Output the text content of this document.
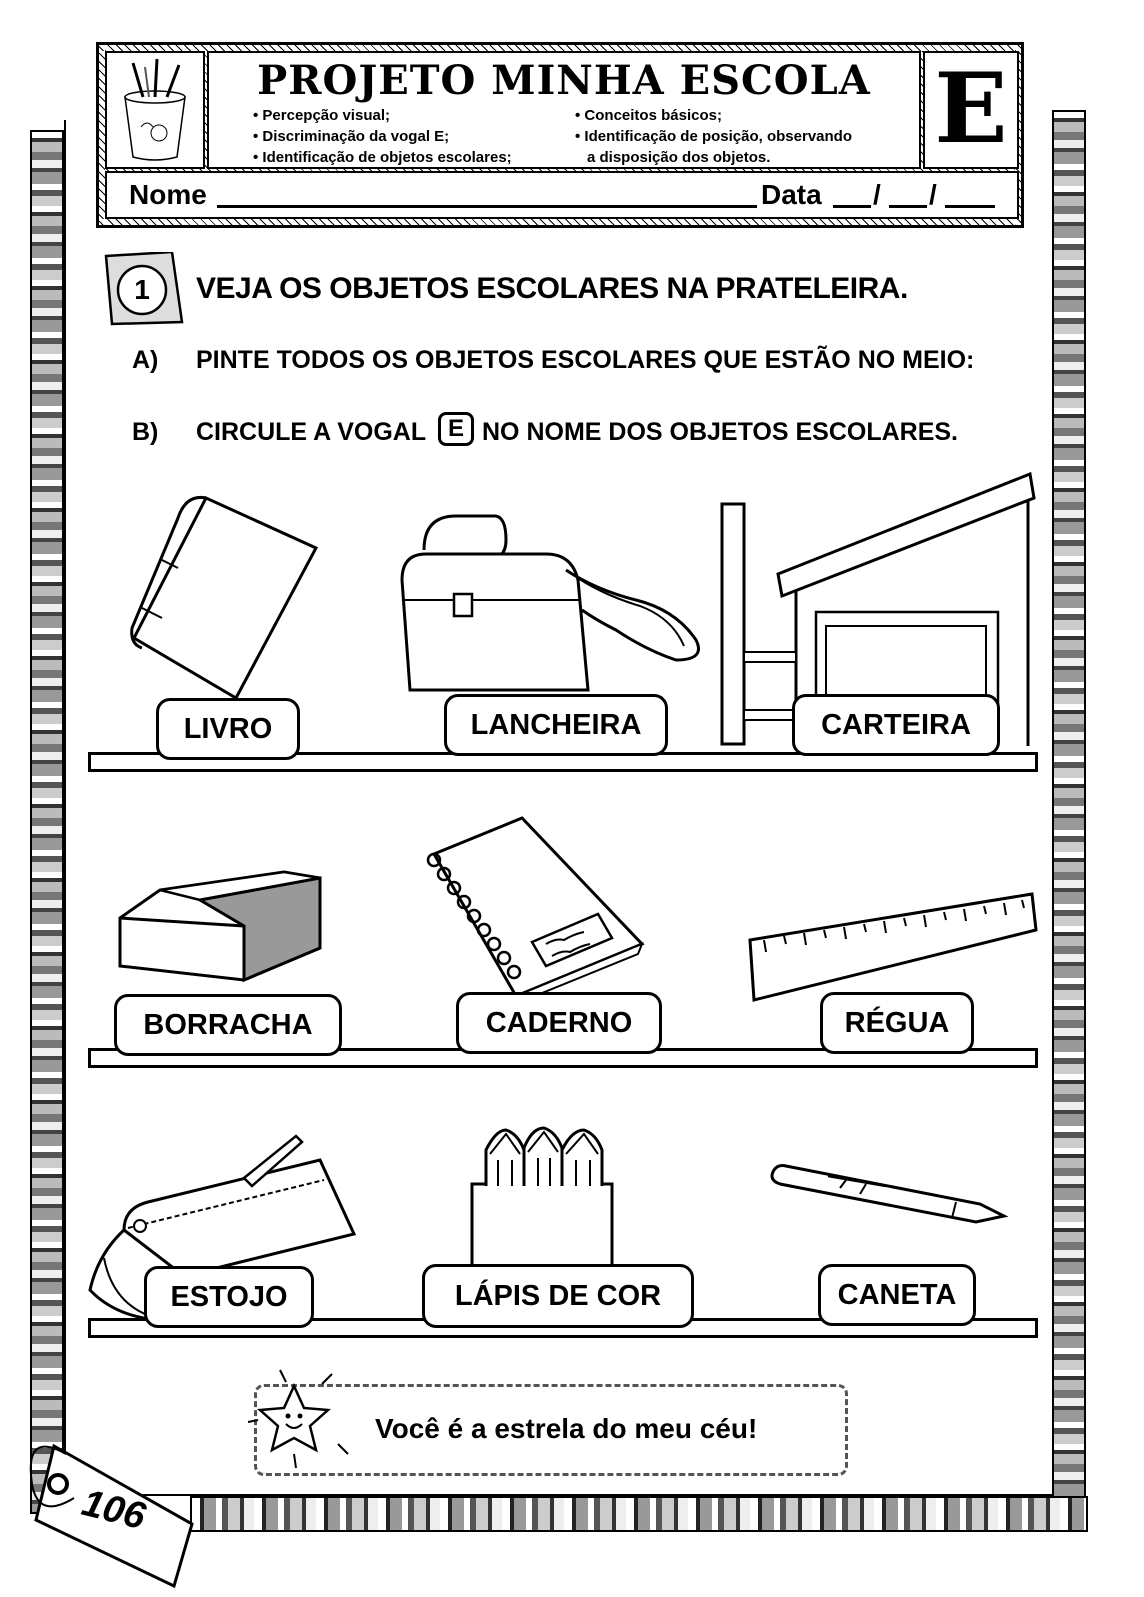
PROJETO MINHA ESCOLA
• Percepção visual;
• Discriminação da vogal E;
• Identificação de objetos escolares;
• Conceitos básicos;
• Identificação de posição, observando
a disposição dos objetos.	E
Nome	Data / /
1	VEJA OS OBJETOS ESCOLARES NA PRATELEIRA.
A) PINTE TODOS OS OBJETOS ESCOLARES QUE ESTÃO NO MEIO:
B) CIRCULE A VOGAL E NO NOME DOS OBJETOS ESCOLARES.
LIVRO	LANCHEIRA	CARTEIRA
BORRACHA	CADERNO	RÉGUA
ESTOJO	LÁPIS DE COR	CANETA
Você é a estrela do meu céu!
106
